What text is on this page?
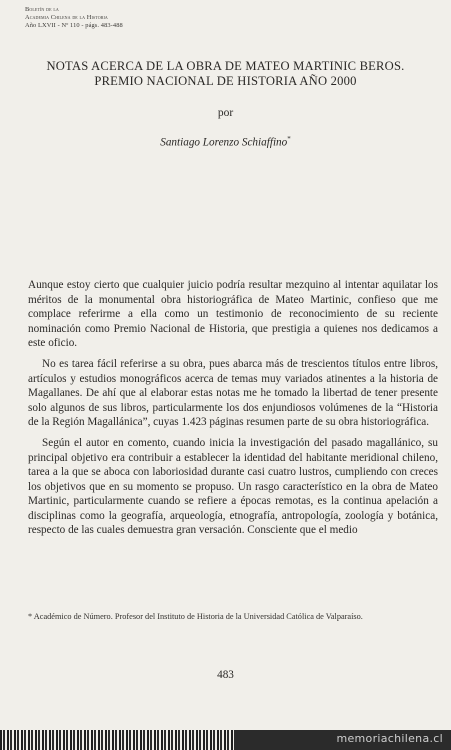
Boletín de la
Academia Chilena de la Historia
Año LXVII - Nº 110 - págs. 483-488
NOTAS ACERCA DE LA OBRA DE MATEO MARTINIC BEROS.
PREMIO NACIONAL DE HISTORIA AÑO 2000
por
Santiago Lorenzo Schiaffino*

Aunque estoy cierto que cualquier juicio podría resultar mezquino al intentar aquilatar los méritos de la monumental obra historiográfica de Mateo Martinic, confieso que me complace referirme a ella como un testimonio de reconocimiento de su reciente nominación como Premio Nacional de Historia, que prestigia a quienes nos dedicamos a este oficio.

No es tarea fácil referirse a su obra, pues abarca más de trescientos títulos entre libros, artículos y estudios monográficos acerca de temas muy variados atinentes a la historia de Magallanes. De ahí que al elaborar estas notas me he tomado la libertad de tener presente solo algunos de sus libros, particularmente los dos enjundiosos volúmenes de la “Historia de la Región Magallánica”, cuyas 1.423 páginas resumen parte de su obra historiográfica.

Según el autor en comento, cuando inicia la investigación del pasado magallánico, su principal objetivo era contribuir a establecer la identidad del habitante meridional chileno, tarea a la que se aboca con laboriosidad durante casi cuatro lustros, cumpliendo con creces los objetivos que en su momento se propuso. Un rasgo característico en la obra de Mateo Martinic, particularmente cuando se refiere a épocas remotas, es la continua apelación a disciplinas como la geografía, arqueología, etnografía, antropología, zoología y botánica, respecto de las cuales demuestra gran versación. Consciente que el medio

* Académico de Número. Profesor del Instituto de Historia de la Universidad Católica de Valparaíso.
483
memoriachilena.cl
